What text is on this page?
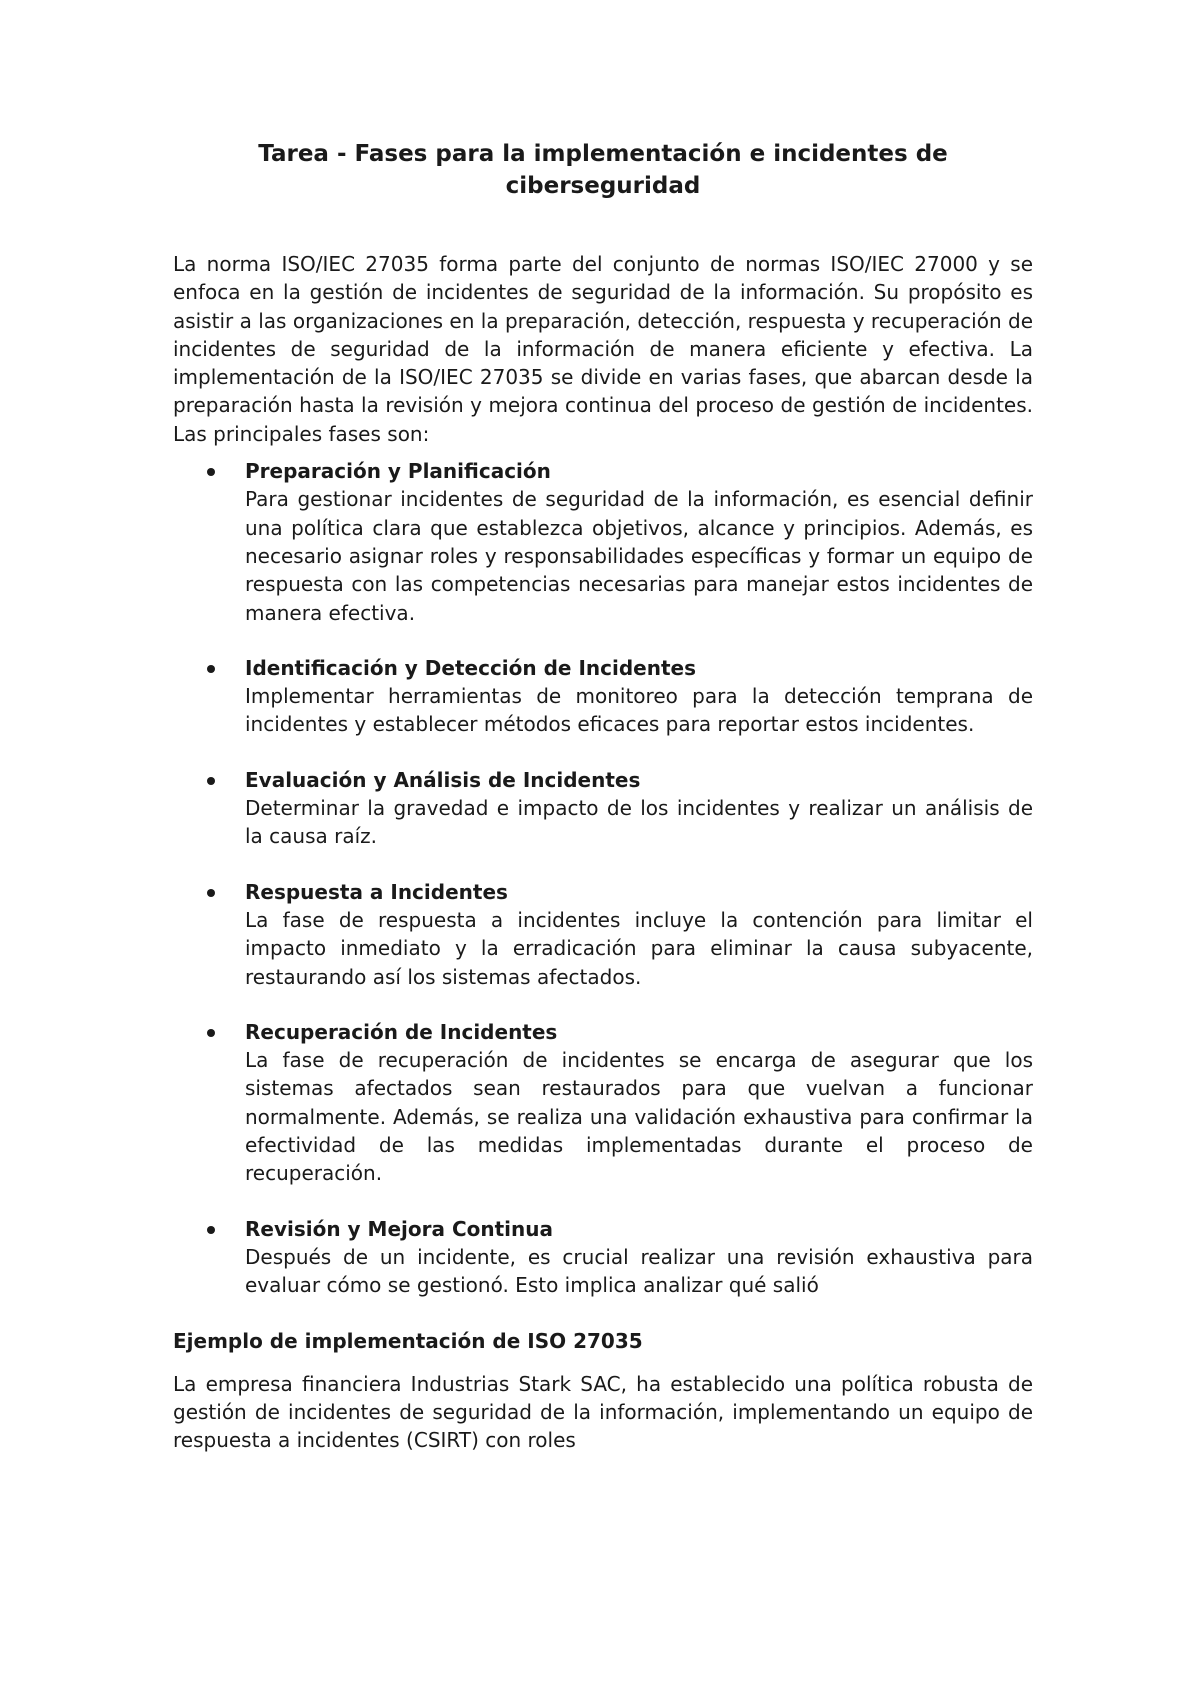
Tarea - Fases para la implementación e incidentes de ciberseguridad

La norma ISO/IEC 27035 forma parte del conjunto de normas ISO/IEC 27000 y se enfoca en la gestión de incidentes de seguridad de la información. Su propósito es asistir a las organizaciones en la preparación, detección, respuesta y recuperación de incidentes de seguridad de la información de manera eficiente y efectiva. La implementación de la ISO/IEC 27035 se divide en varias fases, que abarcan desde la preparación hasta la revisión y mejora continua del proceso de gestión de incidentes. Las principales fases son:

Preparación y Planificación
Para gestionar incidentes de seguridad de la información, es esencial definir una política clara que establezca objetivos, alcance y principios. Además, es necesario asignar roles y responsabilidades específicas y formar un equipo de respuesta con las competencias necesarias para manejar estos incidentes de manera efectiva.
Identificación y Detección de Incidentes
Implementar herramientas de monitoreo para la detección temprana de incidentes y establecer métodos eficaces para reportar estos incidentes.
Evaluación y Análisis de Incidentes
Determinar la gravedad e impacto de los incidentes y realizar un análisis de la causa raíz.
Respuesta a Incidentes
La fase de respuesta a incidentes incluye la contención para limitar el impacto inmediato y la erradicación para eliminar la causa subyacente, restaurando así los sistemas afectados.
Recuperación de Incidentes
La fase de recuperación de incidentes se encarga de asegurar que los sistemas afectados sean restaurados para que vuelvan a funcionar normalmente. Además, se realiza una validación exhaustiva para confirmar la efectividad de las medidas implementadas durante el proceso de recuperación.
Revisión y Mejora Continua
Después de un incidente, es crucial realizar una revisión exhaustiva para evaluar cómo se gestionó. Esto implica analizar qué salió
Ejemplo de implementación de ISO 27035

La empresa financiera Industrias Stark SAC, ha establecido una política robusta de gestión de incidentes de seguridad de la información, implementando un equipo de respuesta a incidentes (CSIRT) con roles
